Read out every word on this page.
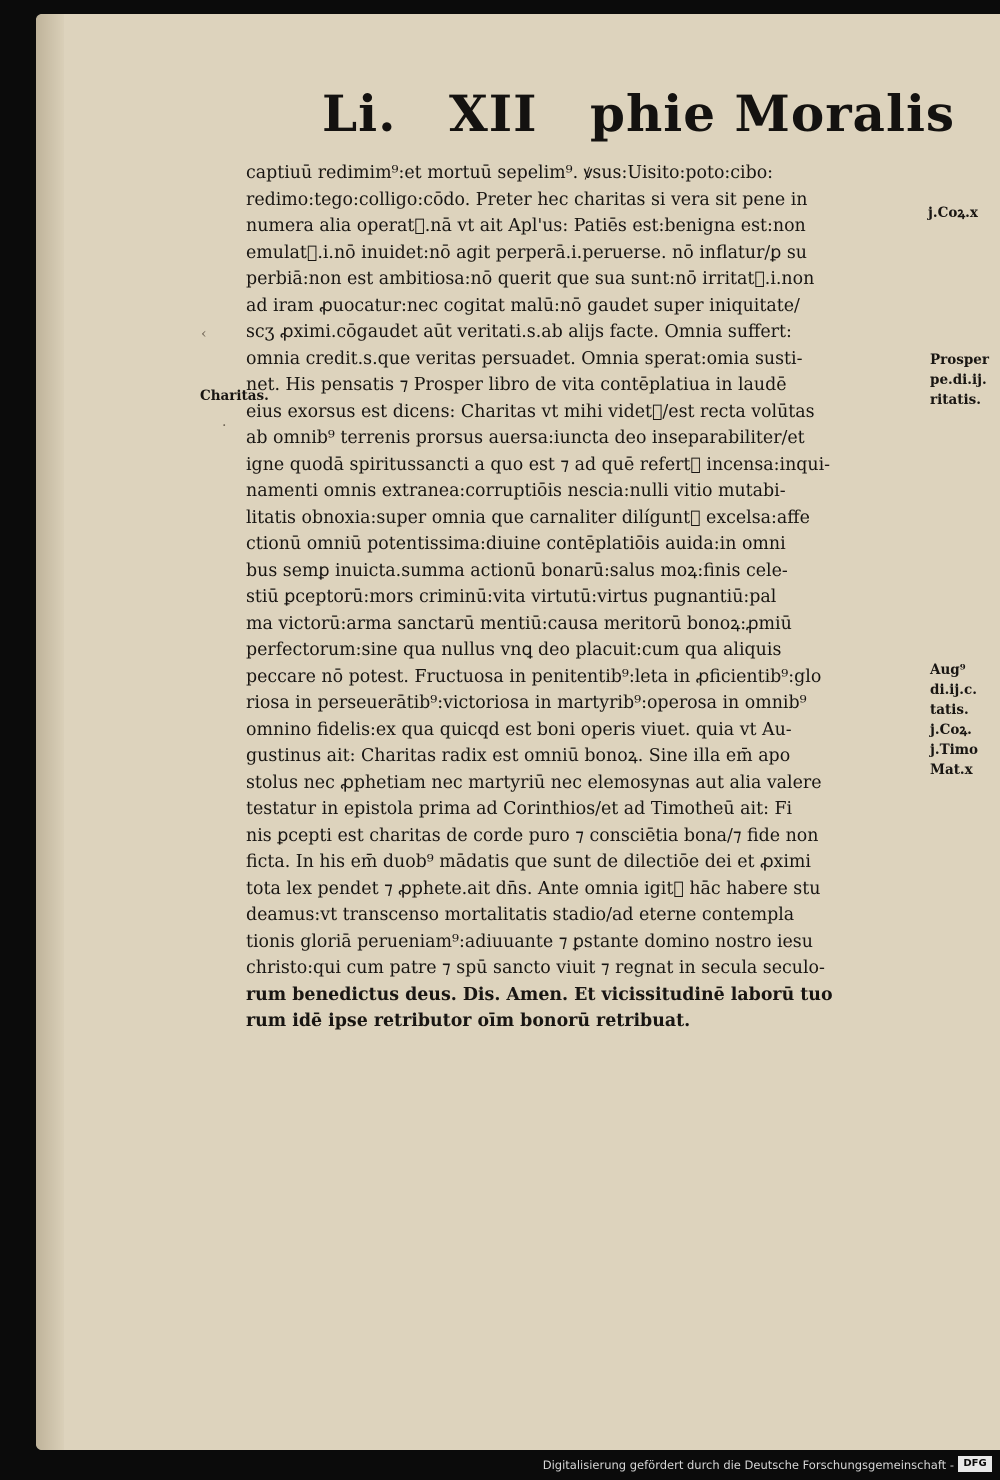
Li. XII phie Moralis
captiuū redimim⁹:et mortuū sepelim⁹. ꝟsus:Uisito:poto:cibo:
redimo:tego:colligo:cōdo. Preter hec charitas si vera sit pene in
numera alia operat᷑.nā vt ait Apl'us: Patiēs est:benigna est:non
emulat᷑.i.nō inuidet:nō agit perperā.i.peruerse. nō inflatur/ꝑ su
perbiā:non est ambitiosa:nō querit que sua sunt:nō irritat᷑.i.non
ad iram ꝓuocatur:nec cogitat malū:nō gaudet super iniquitate/
scʒ ꝓximi.cōgaudet aūt veritati.s.ab alijs facte. Omnia suffert:
omnia credit.s.que veritas persuadet. Omnia sperat:omia susti-
net. His pensatis ⁊ Prosper libro de vita contēplatiua in laudē
eius exorsus est dicens: Charitas vt mihi videt᷑/est recta volūtas
ab omnib⁹ terrenis prorsus auersa:iuncta deo inseparabiliter/et
igne quodā spiritussancti a quo est ⁊ ad quē refert᷑ incensa:inqui-
namenti omnis extranea:corruptiōis nescia:nulli vitio mutabi-
litatis obnoxia:super omnia que carnaliter dilígunt᷑ excelsa:affe
ctionū omniū potentissima:diuine contēplatiōis auida:in omni
bus semꝑ inuicta.summa actionū bonarū:salus moꝝ:finis cele-
stiū ꝑceptorū:mors criminū:vita virtutū:virtus pugnantiū:pal
ma victorū:arma sanctarū mentiū:causa meritorū bonoꝝ:ꝓmiū
perfectorum:sine qua nullus vnꝗ deo placuit:cum qua aliquis
peccare nō potest. Fructuosa in penitentib⁹:leta in ꝓficientib⁹:glo
riosa in perseuerātib⁹:victoriosa in martyrib⁹:operosa in omnib⁹
omnino fidelis:ex qua quicqd est boni operis viuet. quia vt Au-
gustinus ait: Charitas radix est omniū bonoꝝ. Sine illa em̄ apo
stolus nec ꝓphetiam nec martyriū nec elemosynas aut alia valere
testatur in epistola prima ad Corinthios/et ad Timotheū ait: Fi
nis ꝑcepti est charitas de corde puro ⁊ consciētia bona/⁊ fide non
ficta. In his em̄ duob⁹ mādatis que sunt de dilectiōe dei et ꝓximi
tota lex pendet ⁊ ꝓphete.ait dn̄s. Ante omnia igit᷑ hāc habere stu
deamus:vt transcenso mortalitatis stadio/ad eterne contempla
tionis gloriā perueniam⁹:adiuuante ⁊ ꝑstante domino nostro iesu
christo:qui cum patre ⁊ spū sancto viuit ⁊ regnat in secula seculo-
rum benedictus deus. Dis. Amen. Et vicissitudinē laborū tuo
rum idē ipse retributor oīm bonorū retribuat.
Charitas.
j.Coꝝ.x
Prosper
pe.di.ij.
ritatis.
Aug⁹
di.ij.c.
tatis.
j.Coꝝ.
j.Timo
Mat.x
‹
·
Digitalisierung gefördert durch die Deutsche Forschungsgemeinschaft - DFG
